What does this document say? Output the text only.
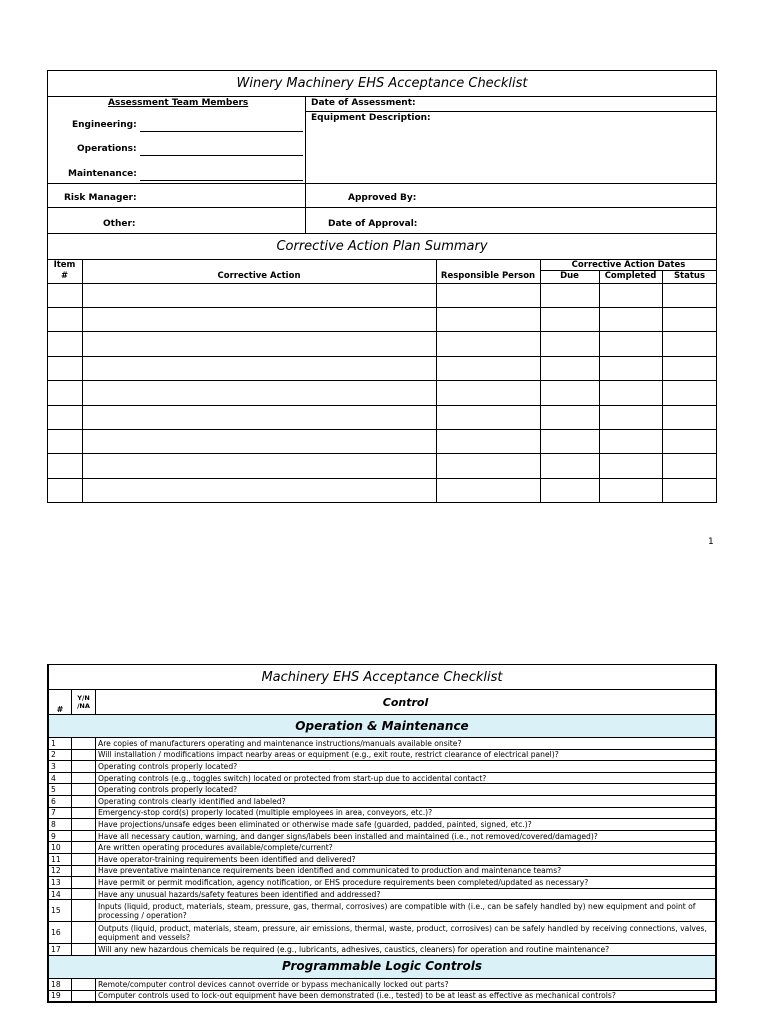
Winery Machinery EHS Acceptance Checklist
Assessment Team Members	Date of Assessment:
Equipment Description:
Engineering:
Operations:
Maintenance:
Risk Manager:	Approved By:
Other:	Date of Approval:
Corrective Action Plan Summary
Item
#	Corrective Action	Responsible Person
Corrective Action Dates
Due	Completed	Status
1
Machinery EHS Acceptance Checklist		
#	Y/N /NA	Control
Operation & Maintenance		
1		Are copies of manufacturers operating and maintenance instructions/manuals available onsite?
2		Will installation / modifications impact nearby areas or equipment (e.g., exit route, restrict clearance of electrical panel)?
3		Operating controls properly located?
4		Operating controls (e.g., toggles switch) located or protected from start-up due to accidental contact?
5		Operating controls properly located?
6		Operating controls clearly identified and labeled?
7		Emergency-stop cord(s) properly located (multiple employees in area, conveyors, etc.)?
8		Have projections/unsafe edges been eliminated or otherwise made safe (guarded, padded, painted, signed, etc.)?
9		Have all necessary caution, warning, and danger signs/labels been installed and maintained (i.e., not removed/covered/damaged)?
10		Are written operating procedures available/complete/current?
11		Have operator-training requirements been identified and delivered?
12		Have preventative maintenance requirements been identified and communicated to production and maintenance teams?
13		Have permit or permit modification, agency notification, or EHS procedure requirements been completed/updated as necessary?
14		Have any unusual hazards/safety features been identified and addressed?
15		Inputs (liquid, product, materials, steam, pressure, gas, thermal, corrosives) are compatible with (i.e., can be safely handled by) new equipment and point of processing / operation?
16		Outputs (liquid, product, materials, steam, pressure, air emissions, thermal, waste, product, corrosives) can be safely handled by receiving connections, valves, equipment and vessels?
17		Will any new hazardous chemicals be required (e.g., lubricants, adhesives, caustics, cleaners) for operation and routine maintenance?
Programmable Logic Controls		
18		Remote/computer control devices cannot override or bypass mechanically locked out parts?
19		Computer controls used to lock-out equipment have been demonstrated (i.e., tested) to be at least as effective as mechanical controls?
